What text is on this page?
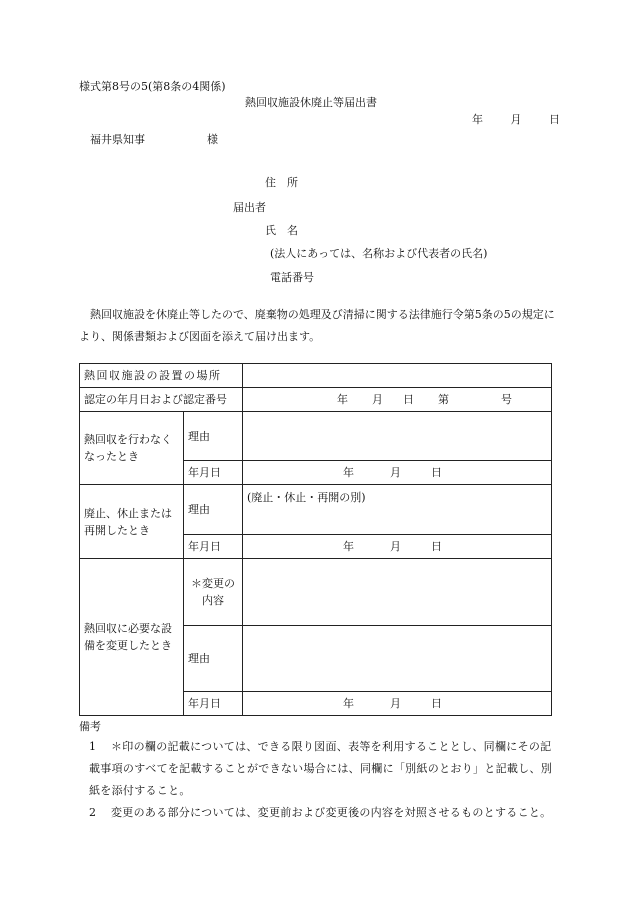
様式第8号の5(第8条の4関係)
熱回収施設休廃止等届出書
年	月	日
福井県知事	様
住　所
届出者
氏　名
(法人にあっては、名称および代表者の氏名)
電話番号
熱回収施設を休廃止等したので、廃棄物の処理及び清掃に関する法律施行令第5条の5の規定により、関係書類および図面を添えて届け出ます。
熱回収施設の設置の場所		
認定の年月日および認定番号		年 月 日 第 号
熱回収を行わなくなったとき	理由	
	年月日	年 月 日
廃止、休止または再開したとき	理由	(廃止・休止・再開の別)
	年月日	年 月 日
熱回収に必要な設備を変更したとき	＊変更の内容	
	理由	
	年月日	年 月 日
備考
1	＊印の欄の記載については、できる限り図面、表等を利用することとし、同欄にその記載事項のすべてを記載することができない場合には、同欄に「別紙のとおり」と記載し、別紙を添付すること。
2	変更のある部分については、変更前および変更後の内容を対照させるものとすること。
